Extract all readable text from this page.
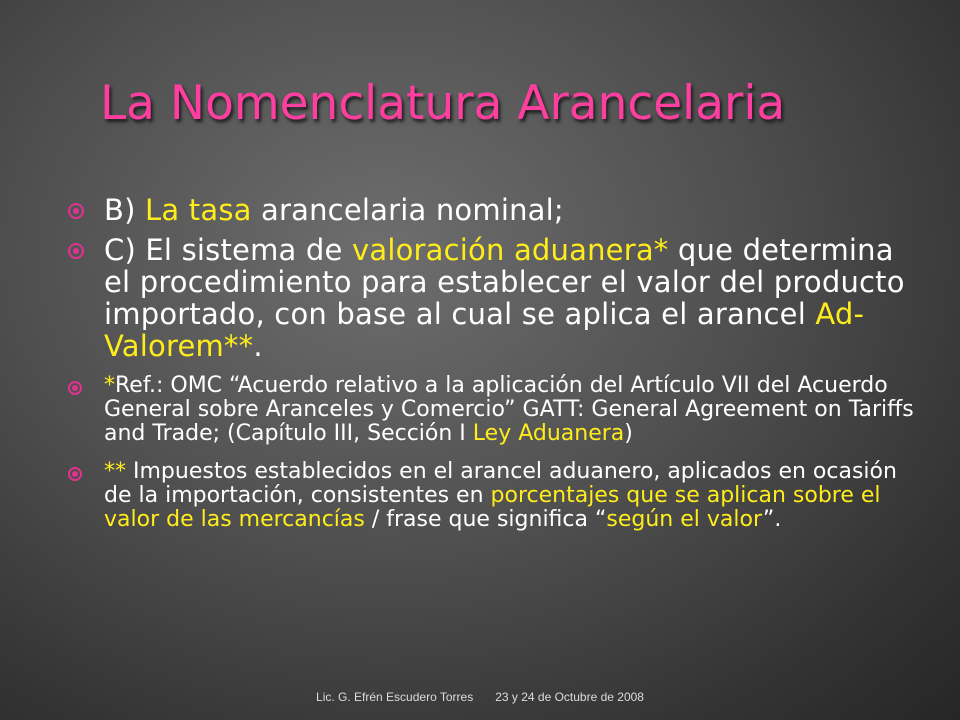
La Nomenclatura Arancelaria
B) La tasa arancelaria nominal;
C) El sistema de valoración aduanera* que determina el procedimiento para establecer el valor del producto importado, con base al cual se aplica el arancel Ad-Valorem**.
*Ref.: OMC “Acuerdo relativo a la aplicación del Artículo VII del Acuerdo General sobre Aranceles y Comercio” GATT: General Agreement on Tariffs and Trade; (Capítulo III, Sección I Ley Aduanera)
** Impuestos establecidos en el arancel aduanero, aplicados en ocasión de la importación, consistentes en porcentajes que se aplican sobre el valor de las mercancías / frase que significa “según el valor”.
Lic. G. Efrén Escudero Torres 23 y 24 de Octubre de 2008
